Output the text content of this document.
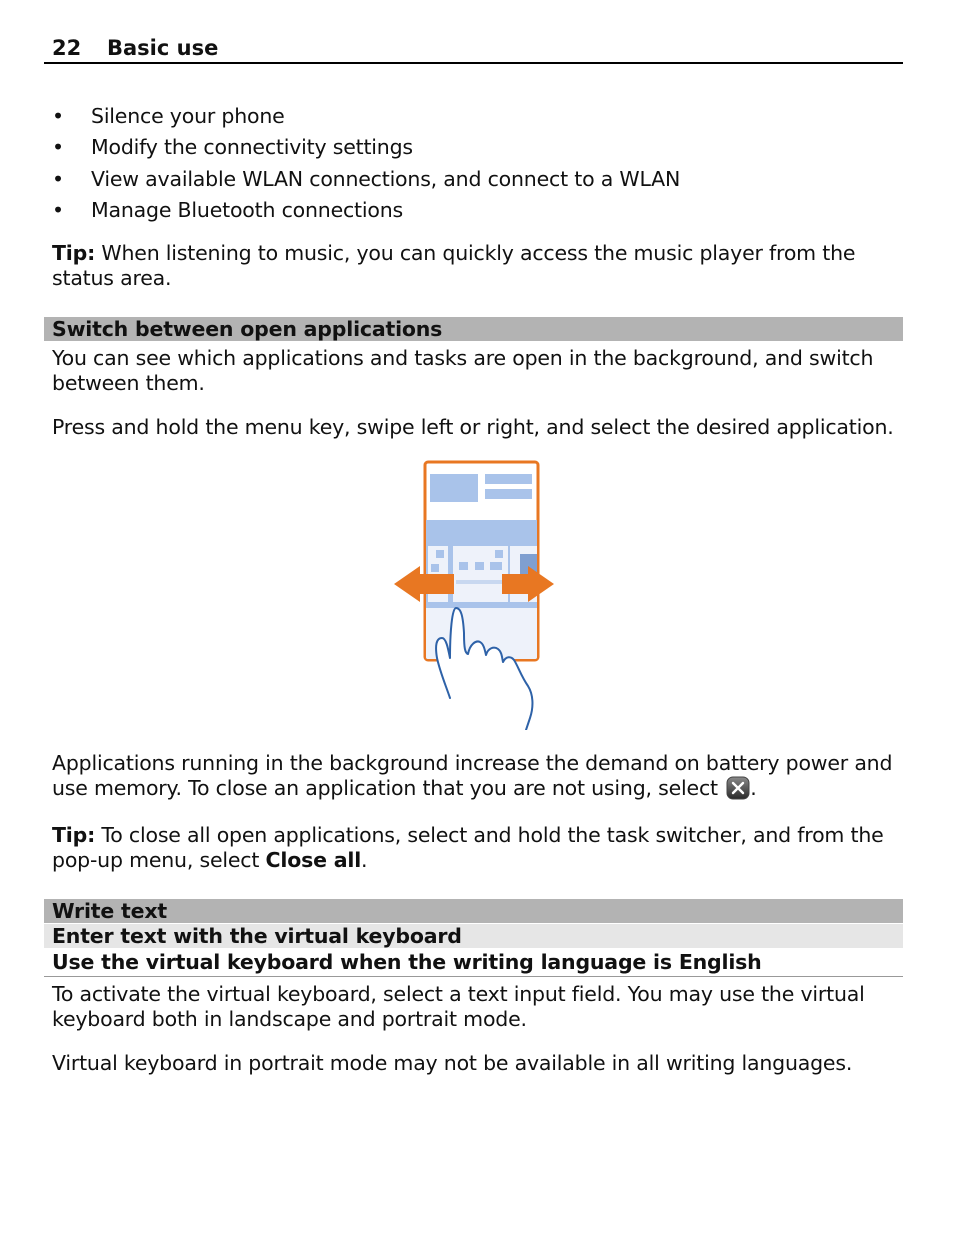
22 Basic use
• Silence your phone
• Modify the connectivity settings
• View available WLAN connections, and connect to a WLAN
• Manage Bluetooth connections
Tip: When listening to music, you can quickly access the music player from the status area.
Switch between open applications
You can see which applications and tasks are open in the background, and switch between them.
Press and hold the menu key, swipe left or right, and select the desired application.
Applications running in the background increase the demand on battery power and use memory. To close an application that you are not using, select .
Tip: To close all open applications, select and hold the task switcher, and from the pop-up menu, select Close all.
Write text
Enter text with the virtual keyboard
Use the virtual keyboard when the writing language is English
To activate the virtual keyboard, select a text input field. You may use the virtual keyboard both in landscape and portrait mode.
Virtual keyboard in portrait mode may not be available in all writing languages.
